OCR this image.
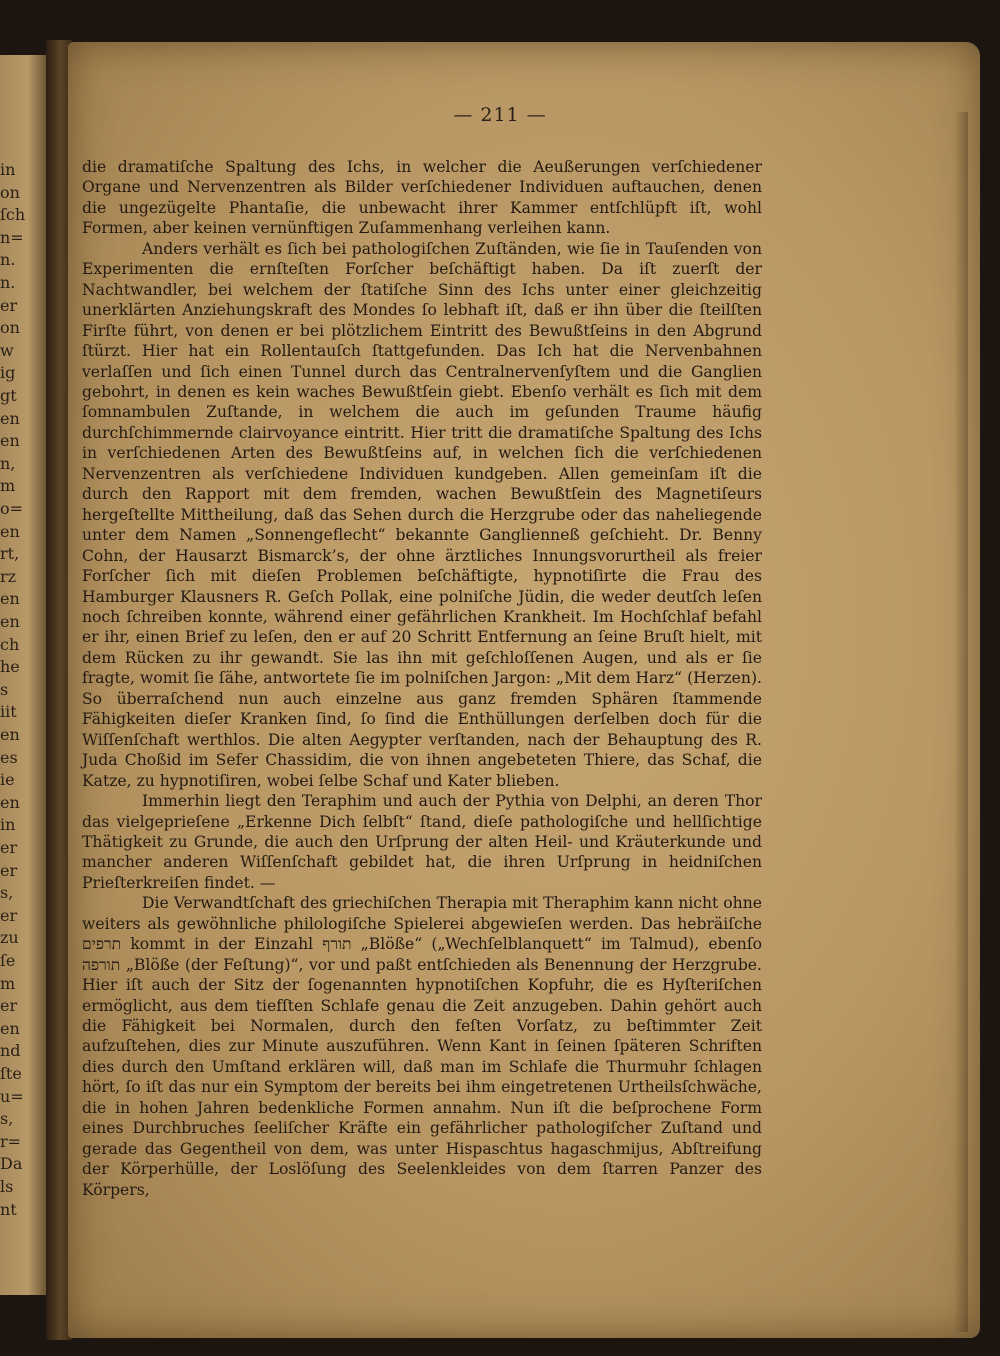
in
on
ſch
n=
n.
n.
er
on
w
ig
gt
en
en
n,
m
o=
en
rt,
rz
en
en
ch
he
s
iit
en
es
ie
en
in
er
er
s,
er
zu
ſe
m
er
en
nd
ſte
u=
s,
r=
Da
ls
nt
— 211 —

die dramatiſche Spaltung des Ichs, in welcher die Aeußerungen verſchiedener Organe und Nervenzentren als Bilder verſchiedener Individuen auftauchen, denen die ungezügelte Phantaſie, die unbewacht ihrer Kammer entſchlüpft iſt, wohl Formen, aber keinen vernünftigen Zuſammenhang verleihen kann.

Anders verhält es ſich bei pathologiſchen Zuſtänden, wie ſie in Tauſenden von Experimenten die ernſteſten Forſcher beſchäftigt haben. Da iſt zuerſt der Nachtwandler, bei welchem der ſtatiſche Sinn des Ichs unter einer gleichzeitig unerklärten Anziehungskraft des Mondes ſo lebhaft iſt, daß er ihn über die ſteilſten Firſte führt, von denen er bei plötzlichem Eintritt des Bewußtſeins in den Abgrund ſtürzt. Hier hat ein Rollentauſch ſtattgefunden. Das Ich hat die Nervenbahnen verlaſſen und ſich einen Tunnel durch das Centralnervenſyſtem und die Ganglien gebohrt, in denen es kein waches Bewußtſein giebt. Ebenſo verhält es ſich mit dem ſomnambulen Zuſtande, in welchem die auch im geſunden Traume häufig durchſchimmernde clairvoyance eintritt. Hier tritt die dramatiſche Spaltung des Ichs in verſchiedenen Arten des Bewußtſeins auf, in welchen ſich die verſchiedenen Nervenzentren als verſchiedene Individuen kundgeben. Allen gemeinſam iſt die durch den Rapport mit dem fremden, wachen Bewußtſein des Magnetiſeurs hergeſtellte Mittheilung, daß das Sehen durch die Herzgrube oder das naheliegende unter dem Namen „Sonnengeflecht“ bekannte Ganglienneß geſchieht. Dr. Benny Cohn, der Hausarzt Bismarck’s, der ohne ärztliches Innungsvorurtheil als freier Forſcher ſich mit dieſen Problemen beſchäftigte, hypnotiſirte die Frau des Hamburger Klausners R. Geſch Pollak, eine polniſche Jüdin, die weder deutſch leſen noch ſchreiben konnte, während einer gefährlichen Krankheit. Im Hochſchlaf befahl er ihr, einen Brief zu leſen, den er auf 20 Schritt Entfernung an ſeine Bruſt hielt, mit dem Rücken zu ihr gewandt. Sie las ihn mit geſchloſſenen Augen, und als er ſie fragte, womit ſie ſähe, antwortete ſie im polniſchen Jargon: „Mit dem Harz“ (Herzen). So überraſchend nun auch einzelne aus ganz fremden Sphären ſtammende Fähigkeiten dieſer Kranken ſind, ſo ſind die Enthüllungen derſelben doch für die Wiſſenſchaft werthlos. Die alten Aegypter verſtanden, nach der Behauptung des R. Juda Choßid im Sefer Chassidim, die von ihnen angebeteten Thiere, das Schaf, die Katze, zu hypnotiſiren, wobei ſelbe Schaf und Kater blieben.

Immerhin liegt den Teraphim und auch der Pythia von Delphi, an deren Thor das vielgeprieſene „Erkenne Dich ſelbſt“ ſtand, dieſe pathologiſche und hellſichtige Thätigkeit zu Grunde, die auch den Urſprung der alten Heil- und Kräuterkunde und mancher anderen Wiſſenſchaft gebildet hat, die ihren Urſprung in heidniſchen Prieſterkreiſen findet. —

Die Verwandtſchaft des griechiſchen Therapia mit Theraphim kann nicht ohne weiters als gewöhnliche philologiſche Spielerei abgewieſen werden. Das hebräiſche תרפים kommt in der Einzahl תורף „Blöße“ („Wechſelblanquett“ im Talmud), ebenſo תורפה „Blöße (der Feſtung)“, vor und paßt entſchieden als Benennung der Herzgrube. Hier iſt auch der Sitz der ſogenannten hypnotiſchen Kopfuhr, die es Hyſteriſchen ermöglicht, aus dem tiefſten Schlafe genau die Zeit anzugeben. Dahin gehört auch die Fähigkeit bei Normalen, durch den feſten Vorſatz, zu beſtimmter Zeit aufzuſtehen, dies zur Minute auszuführen. Wenn Kant in ſeinen ſpäteren Schriften dies durch den Umſtand erklären will, daß man im Schlafe die Thurmuhr ſchlagen hört, ſo iſt das nur ein Symptom der bereits bei ihm eingetretenen Urtheilsſchwäche, die in hohen Jahren bedenkliche Formen annahm. Nun iſt die beſprochene Form eines Durchbruches ſeeliſcher Kräfte ein gefährlicher pathologiſcher Zuſtand und gerade das Gegentheil von dem, was unter Hispaschtus hagaschmijus, Abſtreifung der Körperhülle, der Loslöſung des Seelenkleides von dem ſtarren Panzer des Körpers,
